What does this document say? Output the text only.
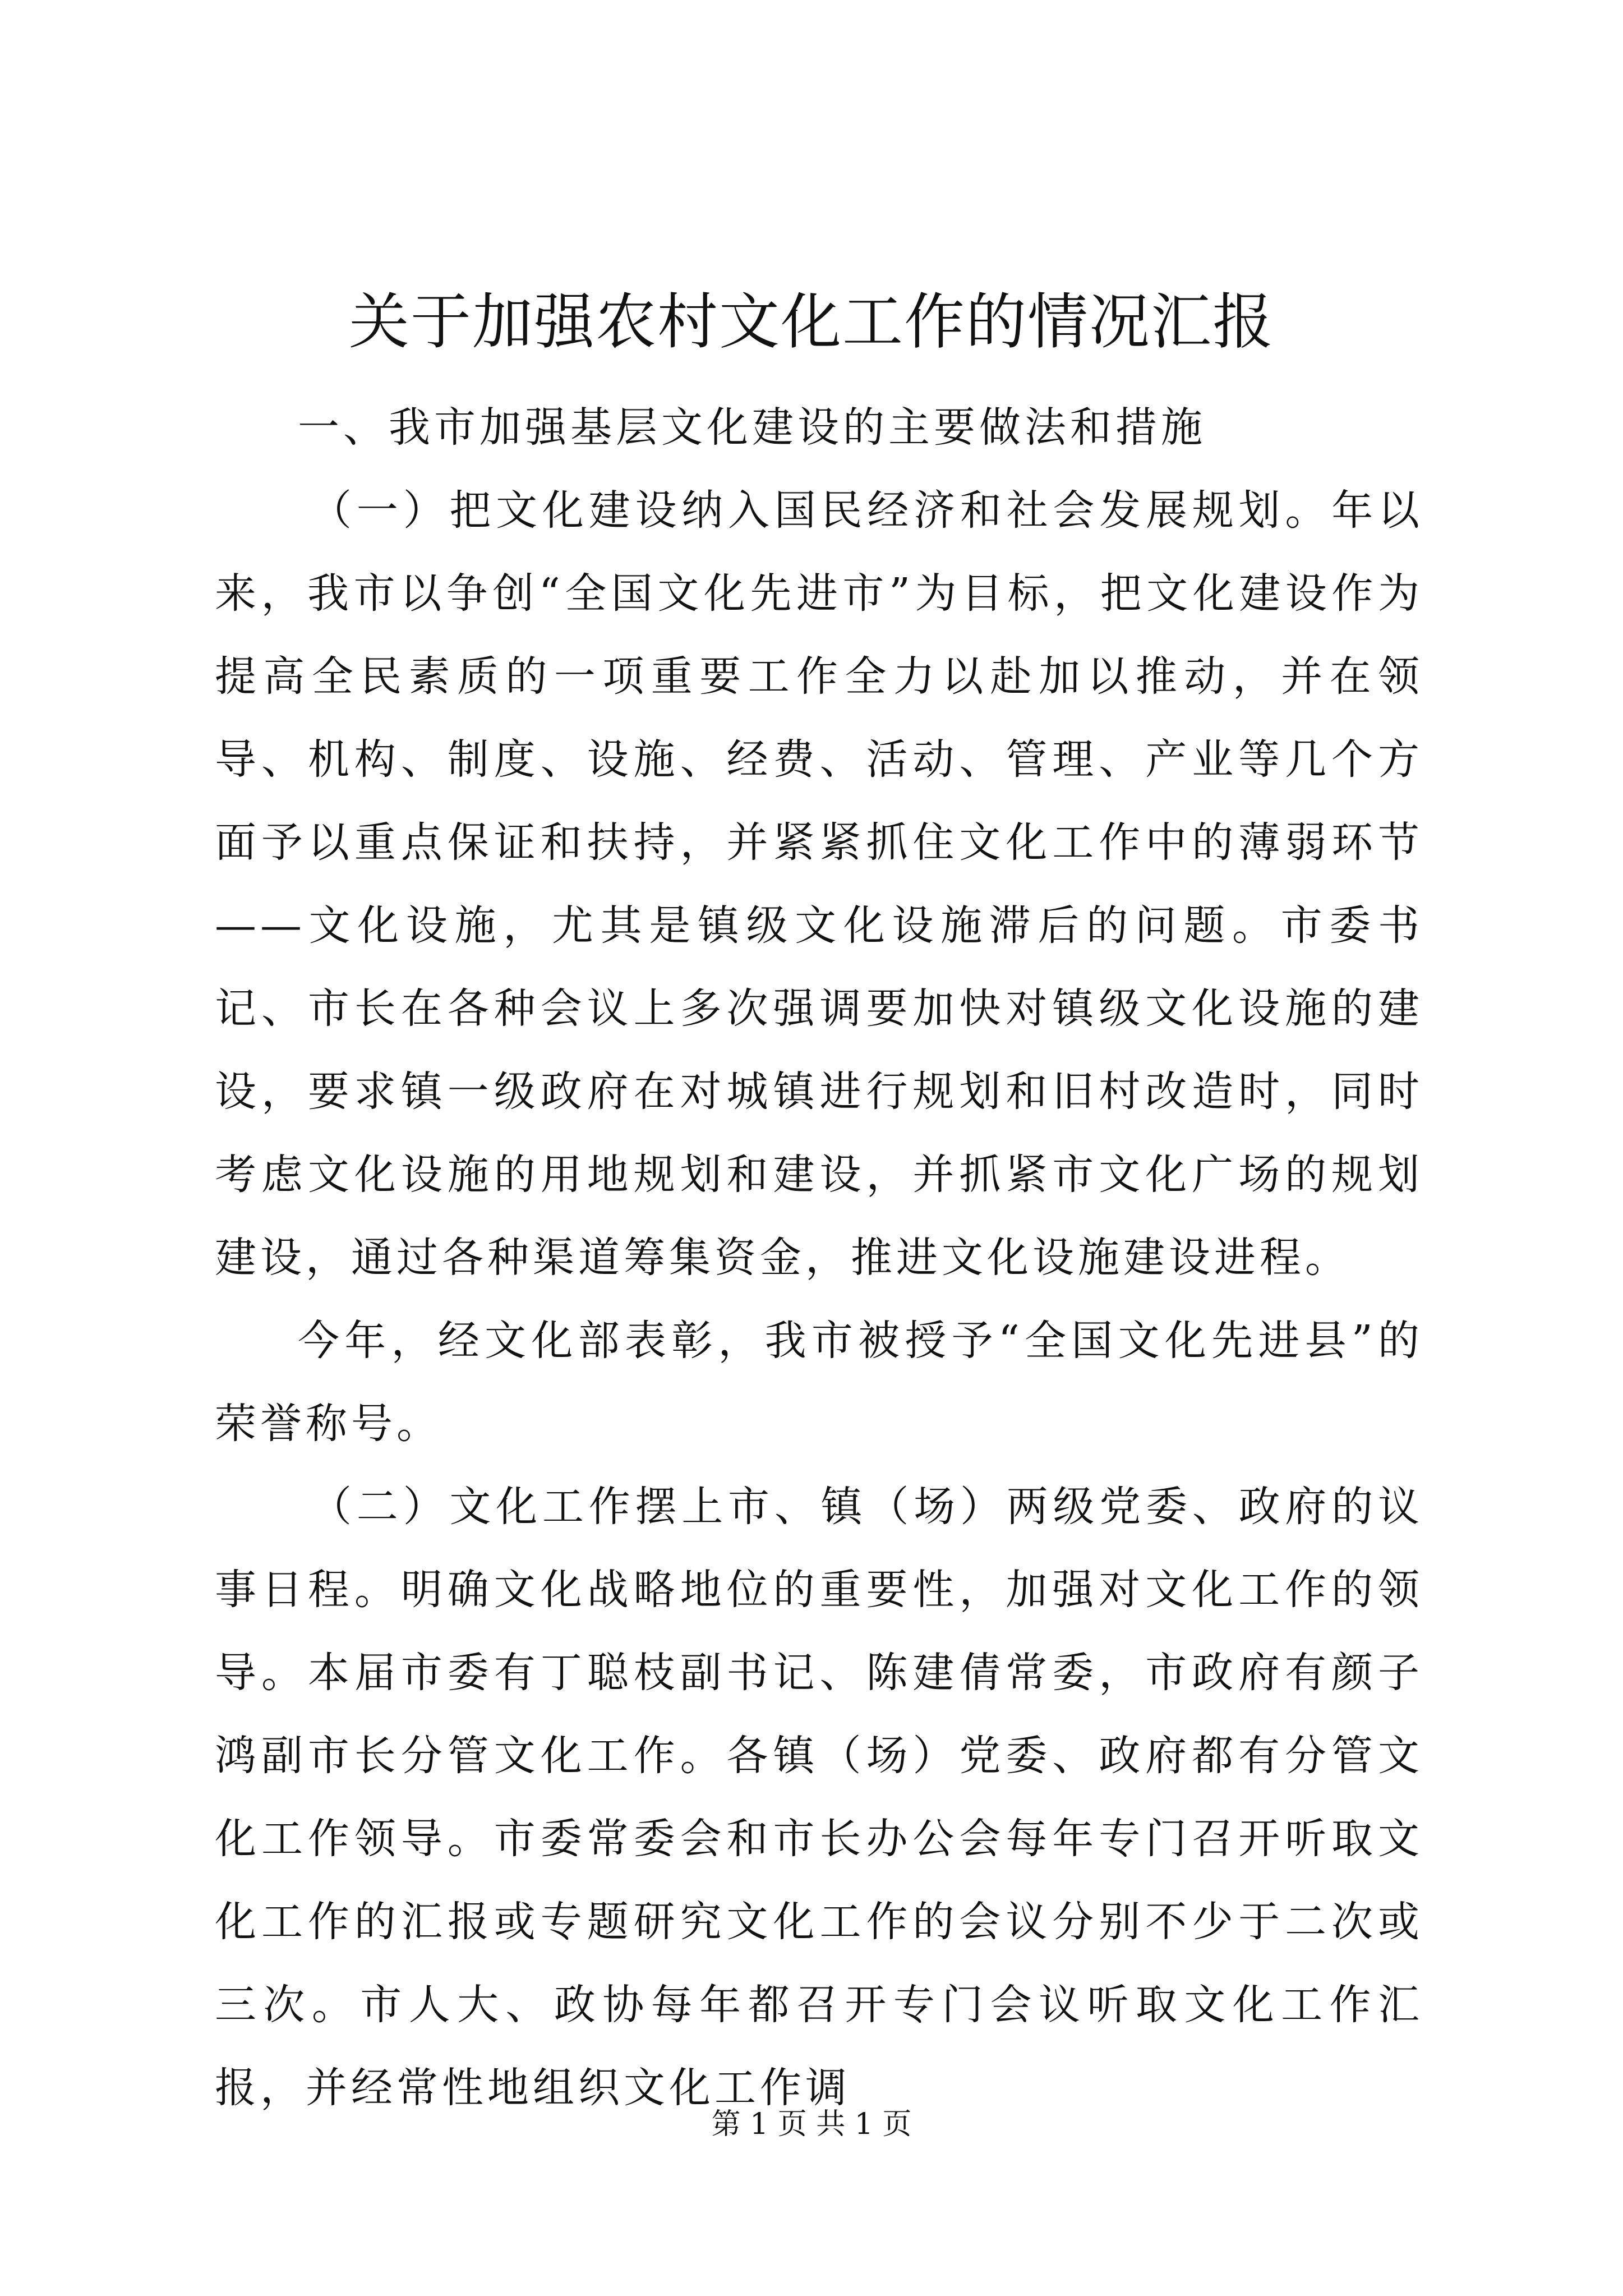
关于加强农村文化工作的情况汇报

一、我市加强基层文化建设的主要做法和措施

（一）把文化建设纳入国民经济和社会发展规划。年以来，我市以争创“全国文化先进市”为目标，把文化建设作为提高全民素质的一项重要工作全力以赴加以推动，并在领导、机构、制度、设施、经费、活动、管理、产业等几个方面予以重点保证和扶持，并紧紧抓住文化工作中的薄弱环节——文化设施，尤其是镇级文化设施滞后的问题。市委书记、市长在各种会议上多次强调要加快对镇级文化设施的建设，要求镇一级政府在对城镇进行规划和旧村改造时，同时考虑文化设施的用地规划和建设，并抓紧市文化广场的规划建设，通过各种渠道筹集资金，推进文化设施建设进程。

今年，经文化部表彰，我市被授予“全国文化先进县”的荣誉称号。

（二）文化工作摆上市、镇（场）两级党委、政府的议事日程。明确文化战略地位的重要性，加强对文化工作的领导。本届市委有丁聪枝副书记、陈建倩常委，市政府有颜子鸿副市长分管文化工作。各镇（场）党委、政府都有分管文化工作领导。市委常委会和市长办公会每年专门召开听取文化工作的汇报或专题研究文化工作的会议分别不少于二次或三次。市人大、政协每年都召开专门会议听取文化工作汇报，并经常性地组织文化工作调

第 1 页 共 1 页
